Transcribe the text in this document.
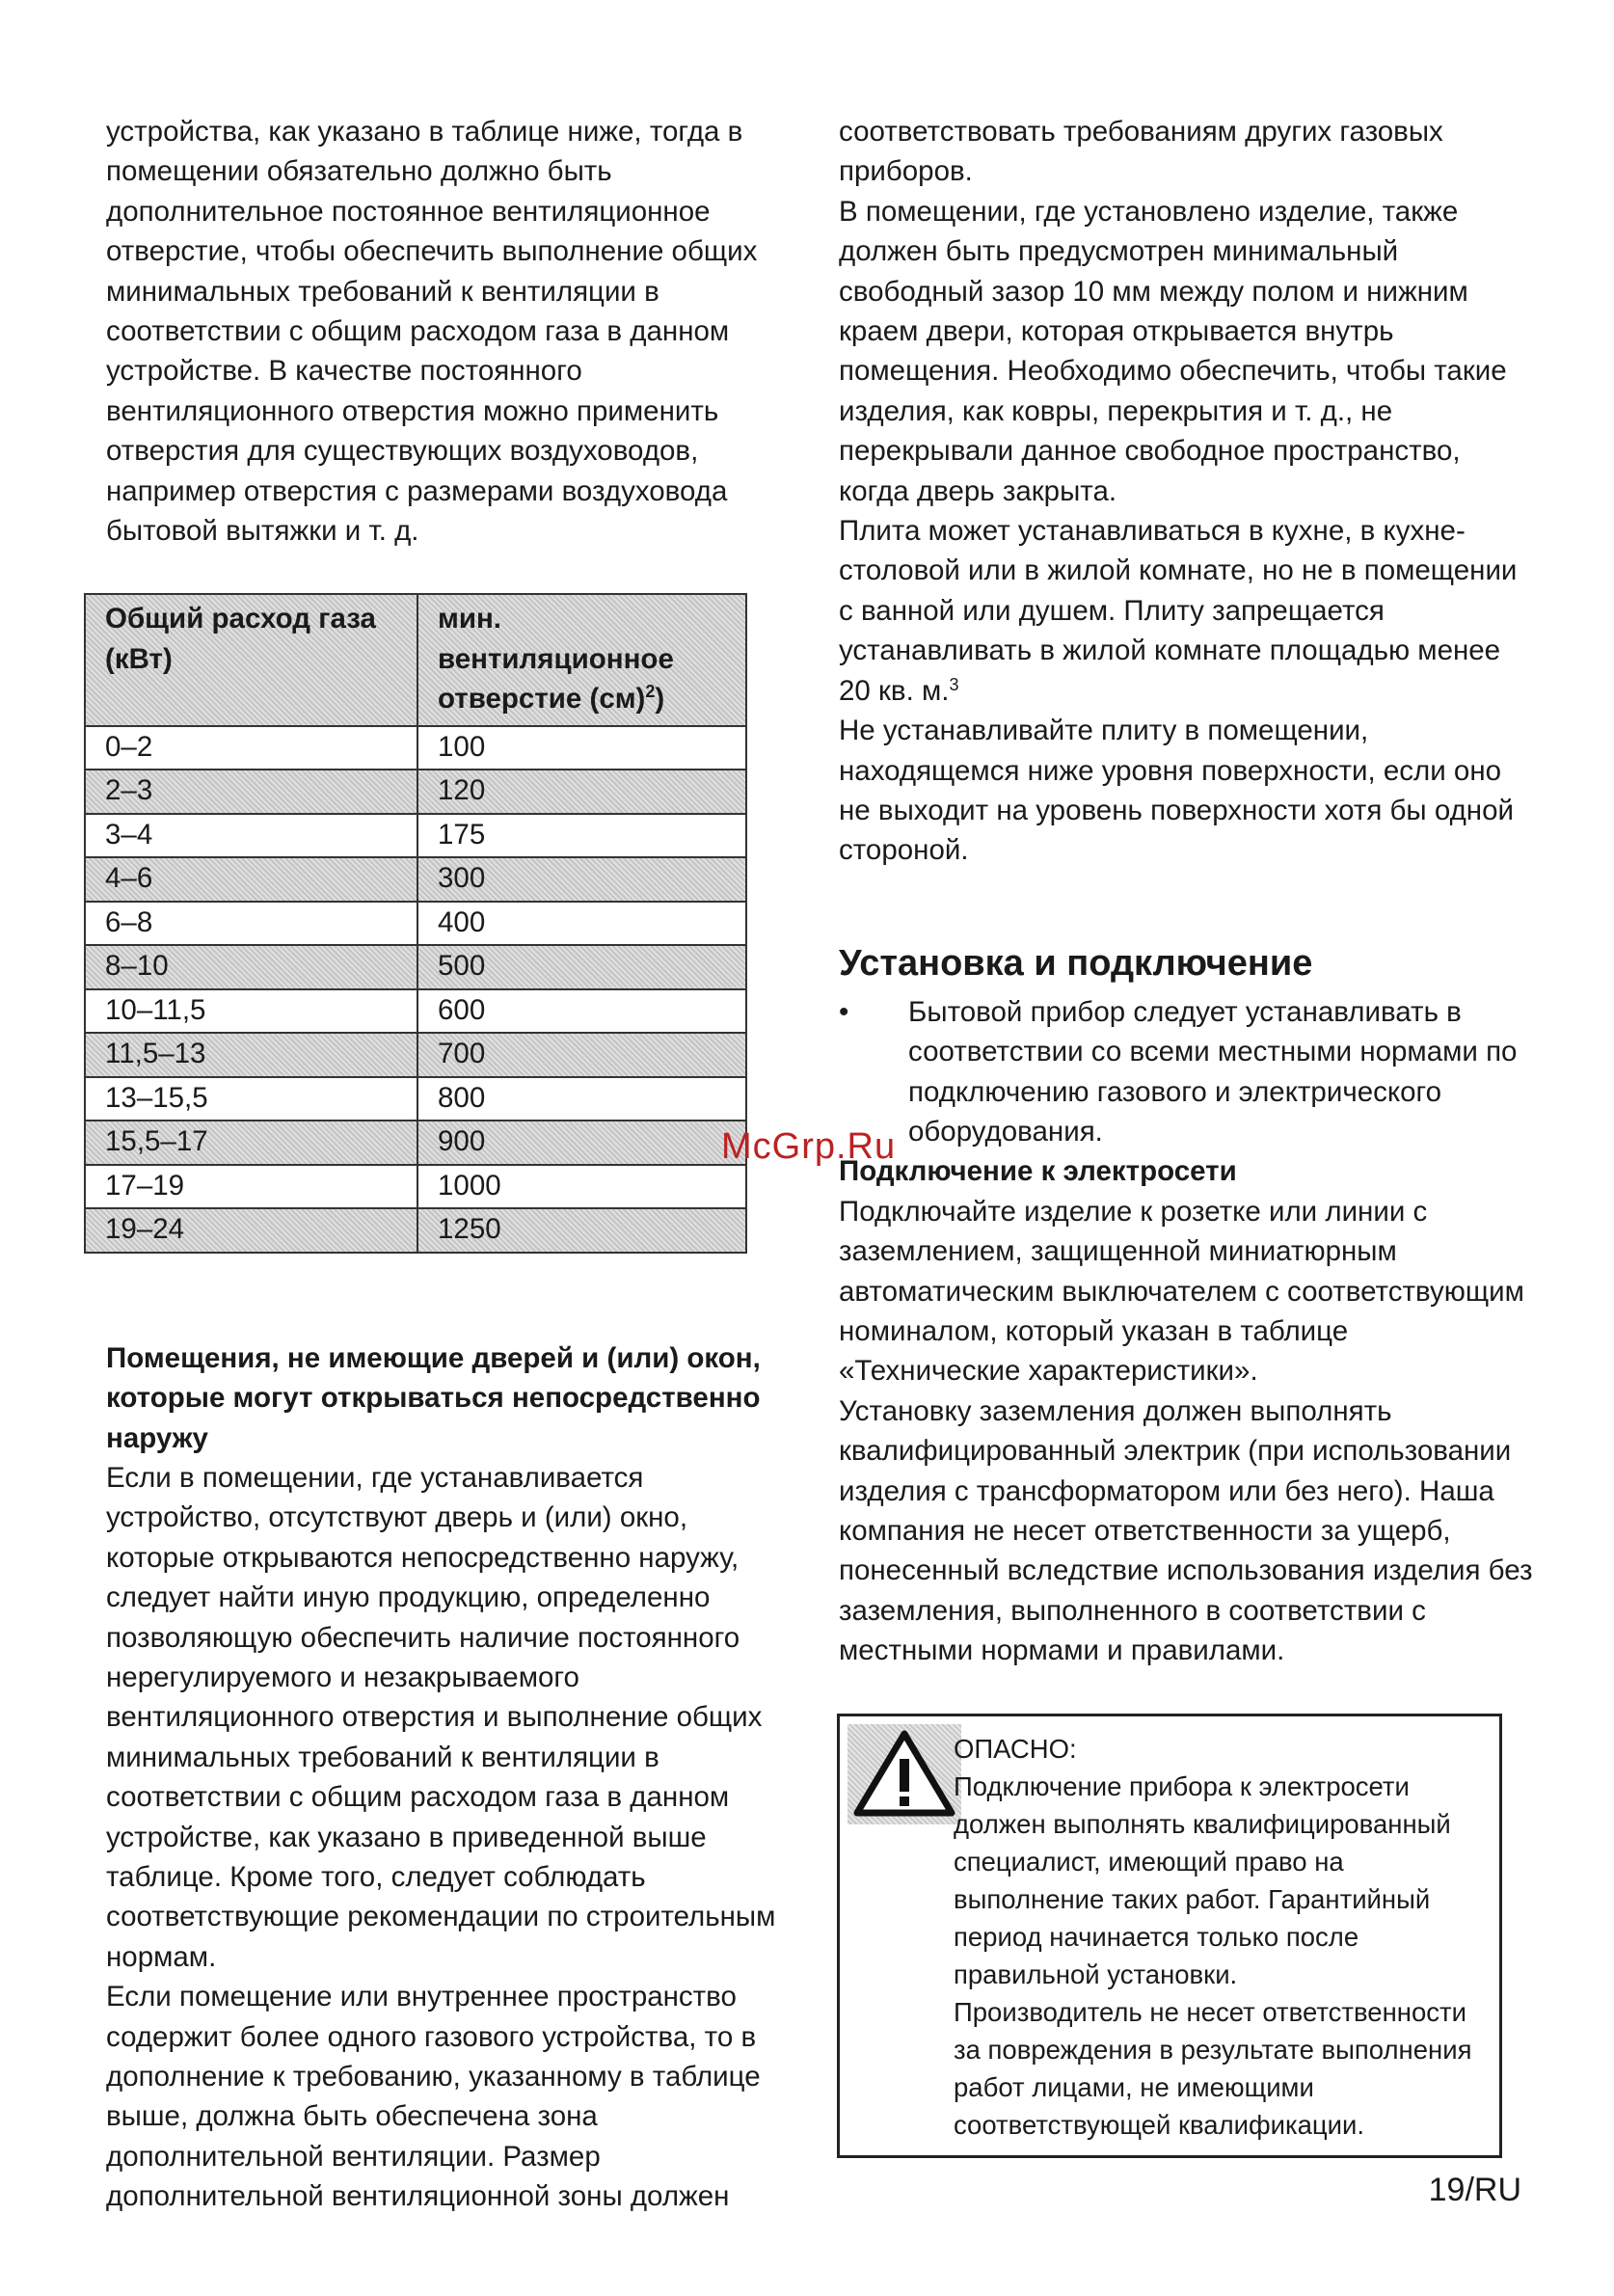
устройства, как указано в таблице ниже, тогда в помещении обязательно должно быть дополнительное постоянное вентиляционное отверстие, чтобы обеспечить выполнение общих минимальных требований к вентиляции в соответствии с общим расходом газа в данном устройстве. В качестве постоянного вентиляционного отверстия можно применить отверстия для существующих воздуховодов, например отверстия с размерами воздуховода бытовой вытяжки и т. д.

Общий расход газа (кВт)	мин. вентиляционное отверстие (см)$^2$)
0–2	100
2–3	120
3–4	175
4–6	300
6–8	400
8–10	500
10–11,5	600
11,5–13	700
13–15,5	800
15,5–17	900
17–19	1000
19–24	1250

Помещения, не имеющие дверей и (или) окон, которые могут открываться непосредственно наружу

Если в помещении, где устанавливается устройство, отсутствуют дверь и (или) окно, которые открываются непосредственно наружу, следует найти иную продукцию, определенно позволяющую обеспечить наличие постоянного нерегулируемого и незакрываемого вентиляционного отверстия и выполнение общих минимальных требований к вентиляции в соответствии с общим расходом газа в данном устройстве, как указано в приведенной выше таблице. Кроме того, следует соблюдать соответствующие рекомендации по строительным нормам.

Если помещение или внутреннее пространство содержит более одного газового устройства, то в дополнение к требованию, указанному в таблице выше, должна быть обеспечена зона дополнительной вентиляции. Размер дополнительной вентиляционной зоны должен

соответствовать требованиям других газовых приборов.

В помещении, где установлено изделие, также должен быть предусмотрен минимальный свободный зазор 10 мм между полом и нижним краем двери, которая открывается внутрь помещения. Необходимо обеспечить, чтобы такие изделия, как ковры, перекрытия и т. д., не перекрывали данное свободное пространство, когда дверь закрыта.

Плита может устанавливаться в кухне, в кухне-столовой или в жилой комнате, но не в помещении с ванной или душем. Плиту запрещается устанавливать в жилой комнате площадью менее 20 кв. м.$^3$

Не устанавливайте плиту в помещении, находящемся ниже уровня поверхности, если оно не выходит на уровень поверхности хотя бы одной стороной.

Установка и подключение

• Бытовой прибор следует устанавливать в соответствии со всеми местными нормами по подключению газового и электрического оборудования.

Подключение к электросети

Подключайте изделие к розетке или линии с заземлением, защищенной миниатюрным автоматическим выключателем с соответствующим номиналом, который указан в таблице «Технические характеристики».

Установку заземления должен выполнять квалифицированный электрик (при использовании изделия с трансформатором или без него). Наша компания не несет ответственности за ущерб, понесенный вследствие использования изделия без заземления, выполненного в соответствии с местными нормами и правилами.

ОПАСНО:

Подключение прибора к электросети должен выполнять квалифицированный специалист, имеющий право на выполнение таких работ. Гарантийный период начинается только после правильной установки.

Производитель не несет ответственности за повреждения в результате выполнения работ лицами, не имеющими соответствующей квалификации.

McGrp.Ru
19/RU
